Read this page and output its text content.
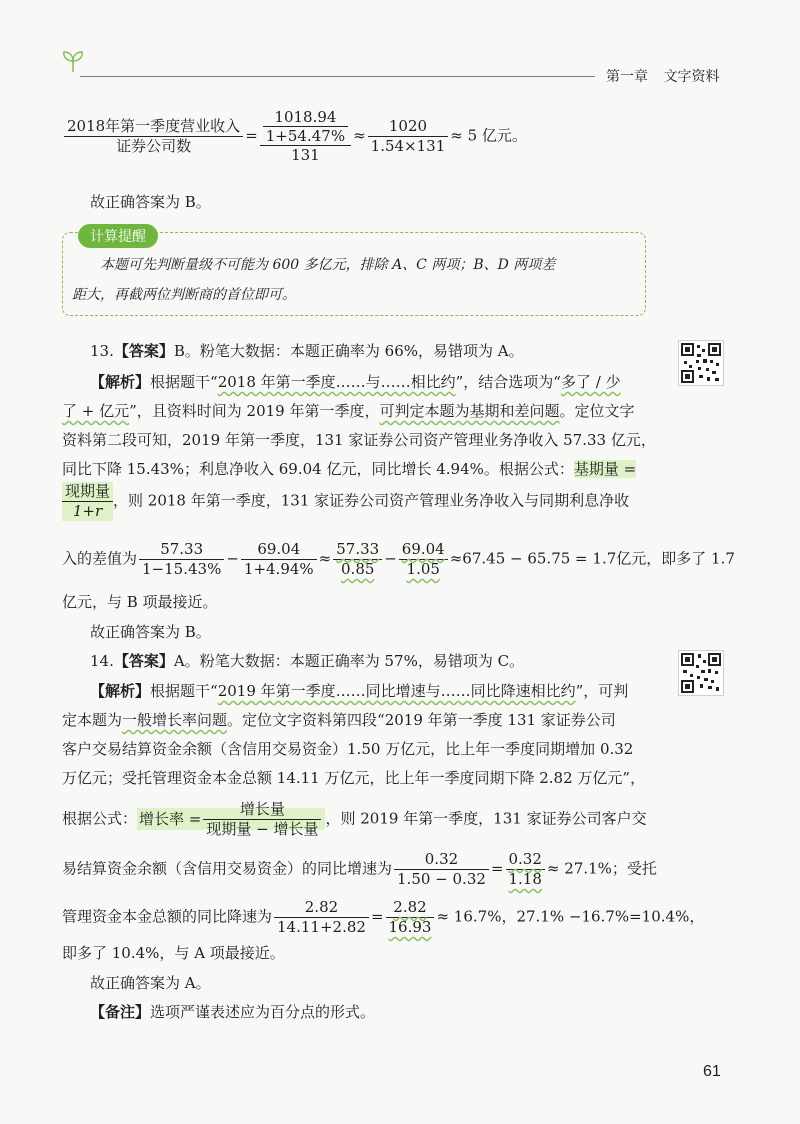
第一章 文字资料
$\frac{\text{2018年第一季度营业收入}}{\text{证券公司数}} = \frac{\frac{1018.94}{1+54.47\%}}{131} \approx \frac{1020}{1.54\times 131} \approx 5$ 亿元。
故正确答案为 B。
计算提醒
本题可先判断量级不可能为 600 多亿元，排除 A、C 两项；B、D 两项差
距大，再截两位判断商的首位即可。
13.【答案】B。粉笔大数据：本题正确率为 66%，易错项为 A。
【解析】根据题干“2018 年第一季度……与……相比约”，结合选项为“多了 / 少
了 + 亿元”，且资料时间为 2019 年第一季度，可判定本题为基期和差问题。定位文字
资料第二段可知，2019 年第一季度，131 家证券公司资产管理业务净收入 57.33 亿元，
同比下降 15.43%；利息净收入 69.04 亿元，同比增长 4.94%。根据公式：基期量 =
$\frac{\text{现期量}}{1+r}$ ，则 2018 年第一季度，131 家证券公司资产管理业务净收入与同期利息净收
入的差值为 $\frac{57.33}{1-15.43\%} - \frac{69.04}{1+4.94\%} \approx \frac{57.33}{0.85} - \frac{69.04}{1.05} \approx 67.45 - 65.75 = 1.7$亿元，即多了 1.7
亿元，与 B 项最接近。
故正确答案为 B。
14.【答案】A。粉笔大数据：本题正确率为 57%，易错项为 C。
【解析】根据题干“2019 年第一季度……同比增速与……同比降速相比约”，可判
定本题为一般增长率问题。定位文字资料第四段“2019 年第一季度 131 家证券公司
客户交易结算资金余额（含信用交易资金）1.50 万亿元，比上年一季度同期增加 0.32
万亿元；受托管理资金本金总额 14.11 万亿元，比上年一季度同期下降 2.82 万亿元”，
根据公式： 增长率 = $\frac{\text{增长量}}{\text{现期量 − 增长量}}$ ，则 2019 年第一季度，131 家证券公司客户交
易结算资金余额（含信用交易资金）的同比增速为 $\frac{0.32}{1.50 - 0.32} = \frac{0.32}{1.18} \approx 27.1\%$；受托
管理资金本金总额的同比降速为 $\frac{2.82}{14.11+2.82} = \frac{2.82}{16.93} \approx 16.7\%$，27.1% −16.7%=10.4%，
即多了 10.4%，与 A 项最接近。
故正确答案为 A。
【备注】选项严谨表述应为百分点的形式。
61
